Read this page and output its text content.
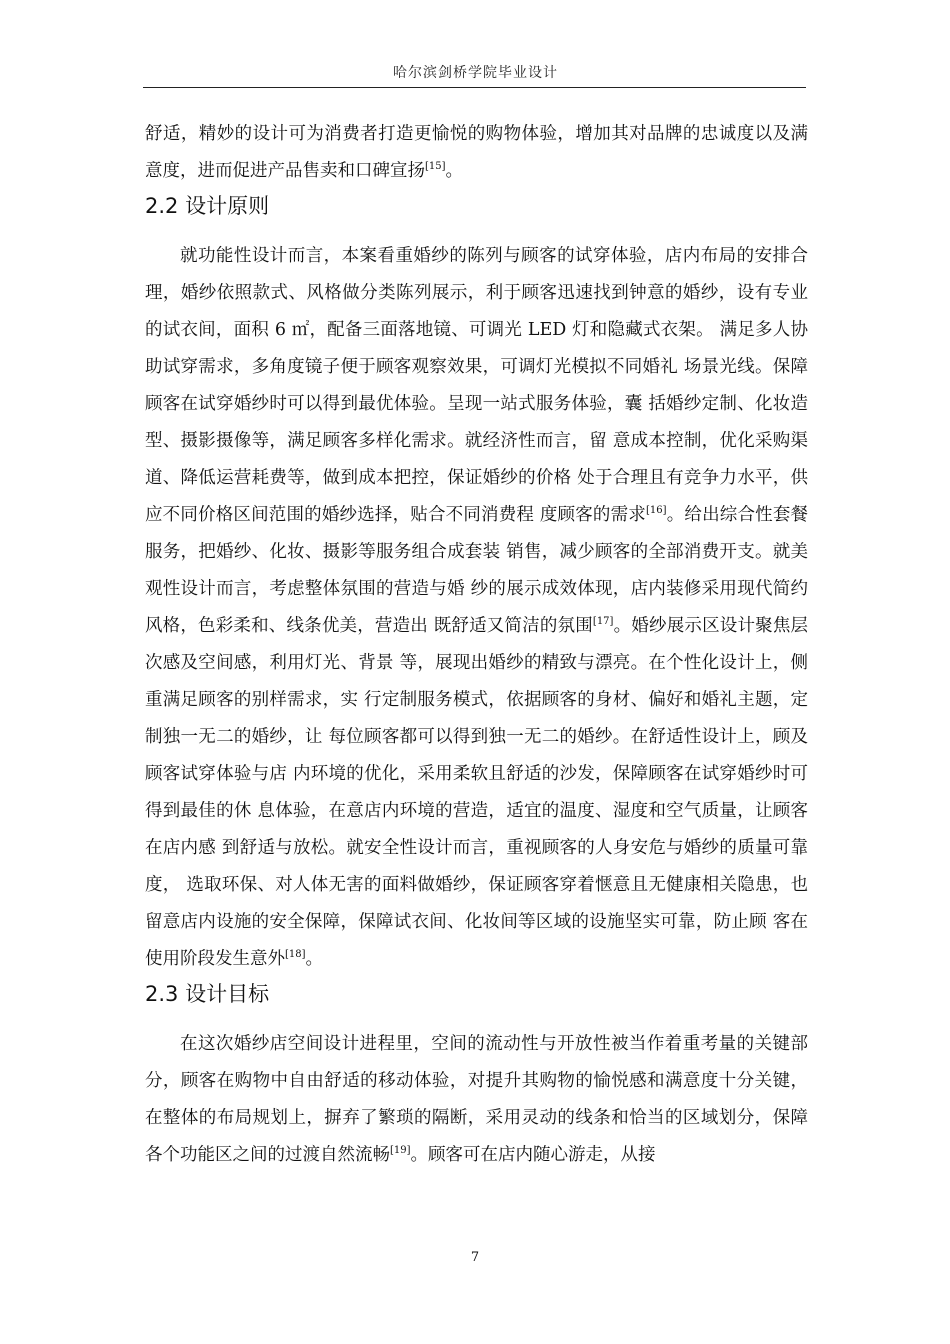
哈尔滨剑桥学院毕业设计

舒适，精妙的设计可为消费者打造更愉悦的购物体验，增加其对品牌的忠诚度以及满意度，进而促进产品售卖和口碑宣扬[15]。

2.2 设计原则

就功能性设计而言，本案看重婚纱的陈列与顾客的试穿体验，店内布局的安排合理，婚纱依照款式、风格做分类陈列展示，利于顾客迅速找到钟意的婚纱，设有专业的试衣间，面积 6 ㎡，配备三面落地镜、可调光 LED 灯和隐藏式衣架。 满足多人协助试穿需求，多角度镜子便于顾客观察效果，可调灯光模拟不同婚礼 场景光线。保障顾客在试穿婚纱时可以得到最优体验。呈现一站式服务体验，囊 括婚纱定制、化妆造型、摄影摄像等，满足顾客多样化需求。就经济性而言，留 意成本控制，优化采购渠道、降低运营耗费等，做到成本把控，保证婚纱的价格 处于合理且有竞争力水平，供应不同价格区间范围的婚纱选择，贴合不同消费程 度顾客的需求[16]。给出综合性套餐服务，把婚纱、化妆、摄影等服务组合成套装 销售，减少顾客的全部消费开支。就美观性设计而言，考虑整体氛围的营造与婚 纱的展示成效体现，店内装修采用现代简约风格，色彩柔和、线条优美，营造出 既舒适又简洁的氛围[17]。婚纱展示区设计聚焦层次感及空间感，利用灯光、背景 等，展现出婚纱的精致与漂亮。在个性化设计上，侧重满足顾客的别样需求，实 行定制服务模式，依据顾客的身材、偏好和婚礼主题，定制独一无二的婚纱，让 每位顾客都可以得到独一无二的婚纱。在舒适性设计上，顾及顾客试穿体验与店 内环境的优化，采用柔软且舒适的沙发，保障顾客在试穿婚纱时可得到最佳的休 息体验，在意店内环境的营造，适宜的温度、湿度和空气质量，让顾客在店内感 到舒适与放松。就安全性设计而言，重视顾客的人身安危与婚纱的质量可靠度， 选取环保、对人体无害的面料做婚纱，保证顾客穿着惬意且无健康相关隐患，也 留意店内设施的安全保障，保障试衣间、化妆间等区域的设施坚实可靠，防止顾 客在使用阶段发生意外[18]。

2.3 设计目标

在这次婚纱店空间设计进程里，空间的流动性与开放性被当作着重考量的关键部分，顾客在购物中自由舒适的移动体验，对提升其购物的愉悦感和满意度十分关键，在整体的布局规划上，摒弃了繁琐的隔断，采用灵动的线条和恰当的区域划分，保障各个功能区之间的过渡自然流畅[19]。顾客可在店内随心游走，从接

7
